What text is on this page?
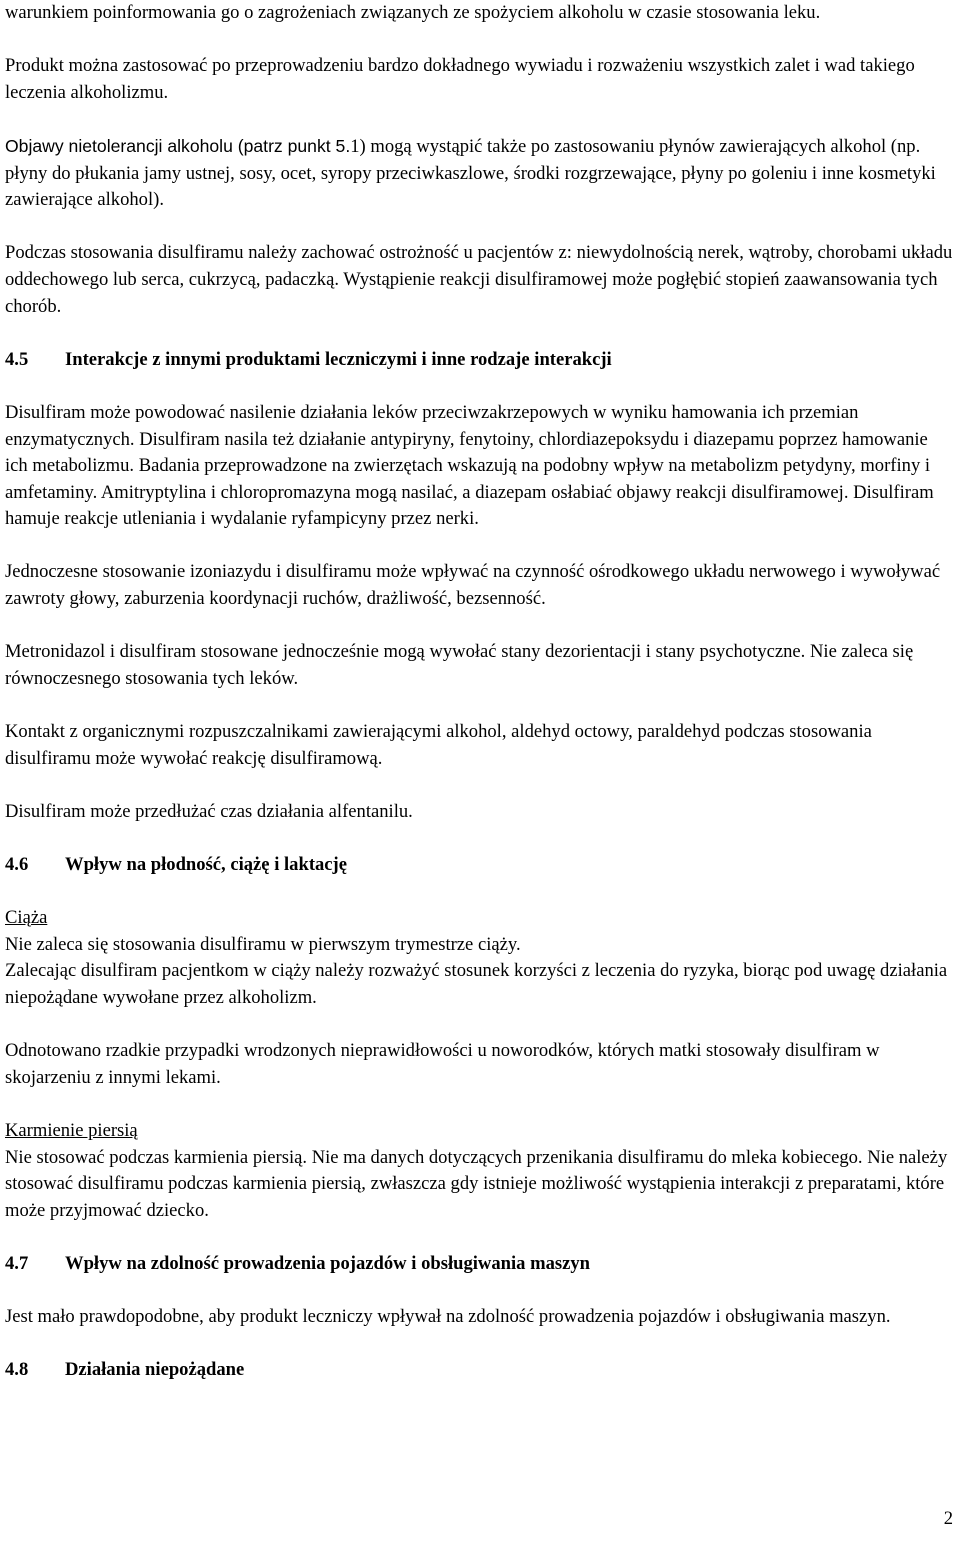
warunkiem poinformowania go o zagrożeniach związanych ze spożyciem alkoholu w czasie stosowania leku.

Produkt można zastosować po przeprowadzeniu bardzo dokładnego wywiadu i rozważeniu wszystkich zalet i wad takiego leczenia alkoholizmu.

Objawy nietolerancji alkoholu (patrz punkt 5.1) mogą wystąpić także po zastosowaniu płynów zawierających alkohol (np. płyny do płukania jamy ustnej, sosy, ocet, syropy przeciwkaszlowe, środki rozgrzewające, płyny po goleniu i inne kosmetyki zawierające alkohol).

Podczas stosowania disulfiramu należy zachować ostrożność u pacjentów z: niewydolnością nerek, wątroby, chorobami układu oddechowego lub serca, cukrzycą, padaczką. Wystąpienie reakcji disulfiramowej może pogłębić stopień zaawansowania tych chorób.

4.5 Interakcje z innymi produktami leczniczymi i inne rodzaje interakcji

Disulfiram może powodować nasilenie działania leków przeciwzakrzepowych w wyniku hamowania ich przemian enzymatycznych. Disulfiram nasila też działanie antypiryny, fenytoiny, chlordiazepoksydu i diazepamu poprzez hamowanie ich metabolizmu. Badania przeprowadzone na zwierzętach wskazują na podobny wpływ na metabolizm petydyny, morfiny i amfetaminy. Amitryptylina i chloropromazyna mogą nasilać, a diazepam osłabiać objawy reakcji disulfiramowej. Disulfiram hamuje reakcje utleniania i wydalanie ryfampicyny przez nerki.

Jednoczesne stosowanie izoniazydu i disulfiramu może wpływać na czynność ośrodkowego układu nerwowego i wywoływać zawroty głowy, zaburzenia koordynacji ruchów, drażliwość, bezsenność.

Metronidazol i disulfiram stosowane jednocześnie mogą wywołać stany dezorientacji i stany psychotyczne. Nie zaleca się równoczesnego stosowania tych leków.

Kontakt z organicznymi rozpuszczalnikami zawierającymi alkohol, aldehyd octowy, paraldehyd podczas stosowania disulfiramu może wywołać reakcję disulfiramową.

Disulfiram może przedłużać czas działania alfentanilu.

4.6 Wpływ na płodność, ciążę i laktację

Ciąża

Nie zaleca się stosowania disulfiramu w pierwszym trymestrze ciąży.

Zalecając disulfiram pacjentkom w ciąży należy rozważyć stosunek korzyści z leczenia do ryzyka, biorąc pod uwagę działania niepożądane wywołane przez alkoholizm.

Odnotowano rzadkie przypadki wrodzonych nieprawidłowości u noworodków, których matki stosowały disulfiram w skojarzeniu z innymi lekami.

Karmienie piersią

Nie stosować podczas karmienia piersią. Nie ma danych dotyczących przenikania disulfiramu do mleka kobiecego. Nie należy stosować disulfiramu podczas karmienia piersią, zwłaszcza gdy istnieje możliwość wystąpienia interakcji z preparatami, które może przyjmować dziecko.

4.7 Wpływ na zdolność prowadzenia pojazdów i obsługiwania maszyn

Jest mało prawdopodobne, aby produkt leczniczy wpływał na zdolność prowadzenia pojazdów i obsługiwania maszyn.

4.8 Działania niepożądane
2
